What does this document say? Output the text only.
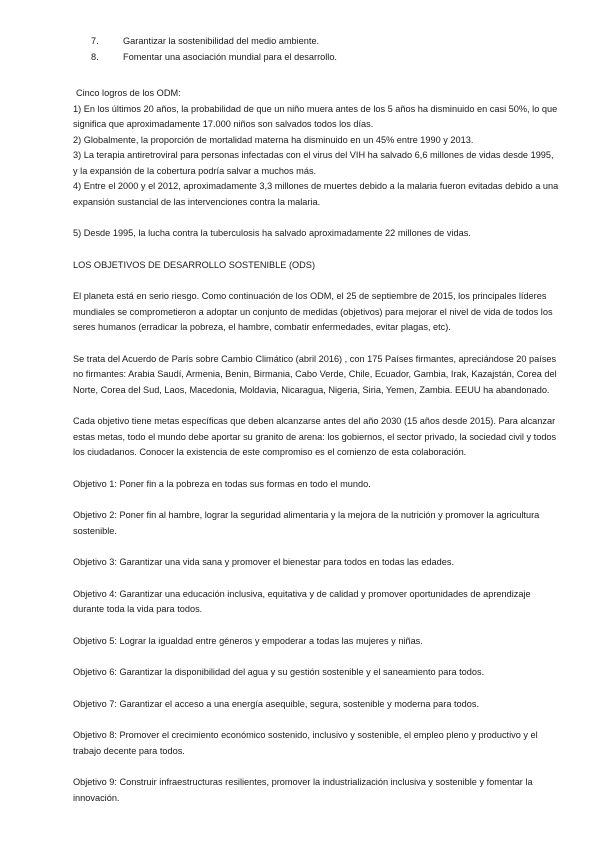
7.	Garantizar la sostenibilidad del medio ambiente.
8.	Fomentar una asociación mundial para el desarrollo.

Cinco logros de los ODM:

1) En los últimos 20 años, la probabilidad de que un niño muera antes de los 5 años ha disminuido en casi 50%, lo que significa que aproximadamente 17.000 niños son salvados todos los días.

2) Globalmente, la proporción de mortalidad materna ha disminuido en un 45% entre 1990 y 2013.

3) La terapia antiretroviral para personas infectadas con el virus del VIH ha salvado 6,6 millones de vidas desde 1995, y la expansión de la cobertura podría salvar a muchos más.

4) Entre el 2000 y el 2012, aproximadamente 3,3 millones de muertes debido a la malaria fueron evitadas debido a una expansión sustancial de las intervenciones contra la malaria.

5) Desde 1995, la lucha contra la tuberculosis ha salvado aproximadamente 22 millones de vidas.

LOS OBJETIVOS DE DESARROLLO SOSTENIBLE (ODS)

El planeta está en serio riesgo. Como continuación de los ODM, el 25 de septiembre de 2015, los principales líderes mundiales se comprometieron a adoptar un conjunto de medidas (objetivos) para mejorar el nivel de vida de todos los seres humanos (erradicar la pobreza, el hambre, combatir enfermedades, evitar plagas, etc).

Se trata del Acuerdo de París sobre Cambio Climático (abril 2016) , con 175 Países firmantes, apreciándose 20 países no firmantes: Arabia Saudí, Armenia, Benin, Birmania, Cabo Verde, Chile, Ecuador, Gambia, Irak, Kazajstán, Corea del Norte, Corea del Sud, Laos, Macedonia, Moldavia, Nicaragua, Nigeria, Siria, Yemen, Zambia. EEUU ha abandonado.

Cada objetivo tiene metas específicas que deben alcanzarse antes del año 2030 (15 años desde 2015). Para alcanzar estas metas, todo el mundo debe aportar su granito de arena: los gobiernos, el sector privado, la sociedad civil y todos los ciudadanos. Conocer la existencia de este compromiso es el comienzo de esta colaboración.

Objetivo 1: Poner fin a la pobreza en todas sus formas en todo el mundo.

Objetivo 2: Poner fin al hambre, lograr la seguridad alimentaria y la mejora de la nutrición y promover la agricultura sostenible.

Objetivo 3: Garantizar una vida sana y promover el bienestar para todos en todas las edades.

Objetivo 4: Garantizar una educación inclusiva, equitativa y de calidad y promover oportunidades de aprendizaje durante toda la vida para todos.

Objetivo 5: Lograr la igualdad entre géneros y empoderar a todas las mujeres y niñas.

Objetivo 6: Garantizar la disponibilidad del agua y su gestión sostenible y el saneamiento para todos.

Objetivo 7: Garantizar el acceso a una energía asequible, segura, sostenible y moderna para todos.

Objetivo 8: Promover el crecimiento económico sostenido, inclusivo y sostenible, el empleo pleno y productivo y el trabajo decente para todos.

Objetivo 9: Construir infraestructuras resilientes, promover la industrialización inclusiva y sostenible y fomentar la innovación.
